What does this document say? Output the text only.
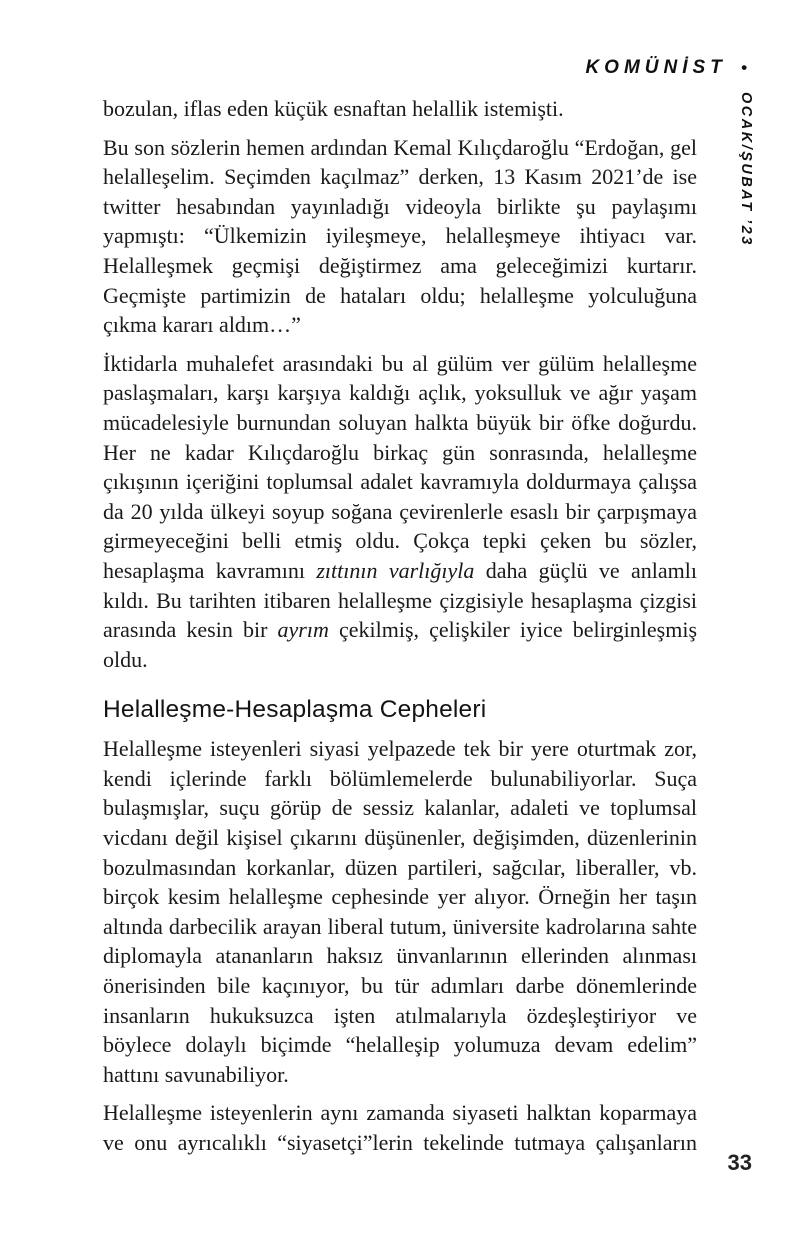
KOMÜNİST •
OCAK/ŞUBAT ’23

bozulan, iflas eden küçük esnaftan helallik istemişti.

Bu son sözlerin hemen ardından Kemal Kılıçdaroğlu “Erdoğan, gel helalleşelim. Seçimden kaçılmaz” derken, 13 Kasım 2021’de ise twitter hesabından yayınladığı videoyla birlikte şu paylaşımı yapmıştı: “Ülkemizin iyileşmeye, helalleşmeye ihtiyacı var. Helalleşmek geçmişi değiştirmez ama geleceğimizi kurtarır. Geçmişte partimizin de hataları oldu; helalleşme yolculuğuna çıkma kararı aldım…”

İktidarla muhalefet arasındaki bu al gülüm ver gülüm helalleşme paslaşmaları, karşı karşıya kaldığı açlık, yoksulluk ve ağır yaşam mücadelesiyle burnundan soluyan halkta büyük bir öfke doğurdu. Her ne kadar Kılıçdaroğlu birkaç gün sonrasında, helalleşme çıkışının içeriğini toplumsal adalet kavramıyla doldurmaya çalışsa da 20 yılda ülkeyi soyup soğana çevirenlerle esaslı bir çarpışmaya girmeyeceğini belli etmiş oldu. Çokça tepki çeken bu sözler, hesaplaşma kavramını zıttının varlığıyla daha güçlü ve anlamlı kıldı. Bu tarihten itibaren helalleşme çizgisiyle hesaplaşma çizgisi arasında kesin bir ayrım çekilmiş, çelişkiler iyice belirginleşmiş oldu.

Helalleşme-Hesaplaşma Cepheleri

Helalleşme isteyenleri siyasi yelpazede tek bir yere oturtmak zor, kendi içlerinde farklı bölümlemelerde bulunabiliyorlar. Suça bulaşmışlar, suçu görüp de sessiz kalanlar, adaleti ve toplumsal vicdanı değil kişisel çıkarını düşünenler, değişimden, düzenlerinin bozulmasından korkanlar, düzen partileri, sağcılar, liberaller, vb. birçok kesim helalleşme cephesinde yer alıyor. Örneğin her taşın altında darbecilik arayan liberal tutum, üniversite kadrolarına sahte diplomayla atananların haksız ünvanlarının ellerinden alınması önerisinden bile kaçınıyor, bu tür adımları darbe dönemlerinde insanların hukuksuzca işten atılmalarıyla özdeşleştiriyor ve böylece dolaylı biçimde “helalleşip yolumuza devam edelim” hattını savunabiliyor.

Helalleşme isteyenlerin aynı zamanda siyaseti halktan koparmaya ve onu ayrıcalıklı “siyasetçi”lerin tekelinde tutmaya çalışanların

33
